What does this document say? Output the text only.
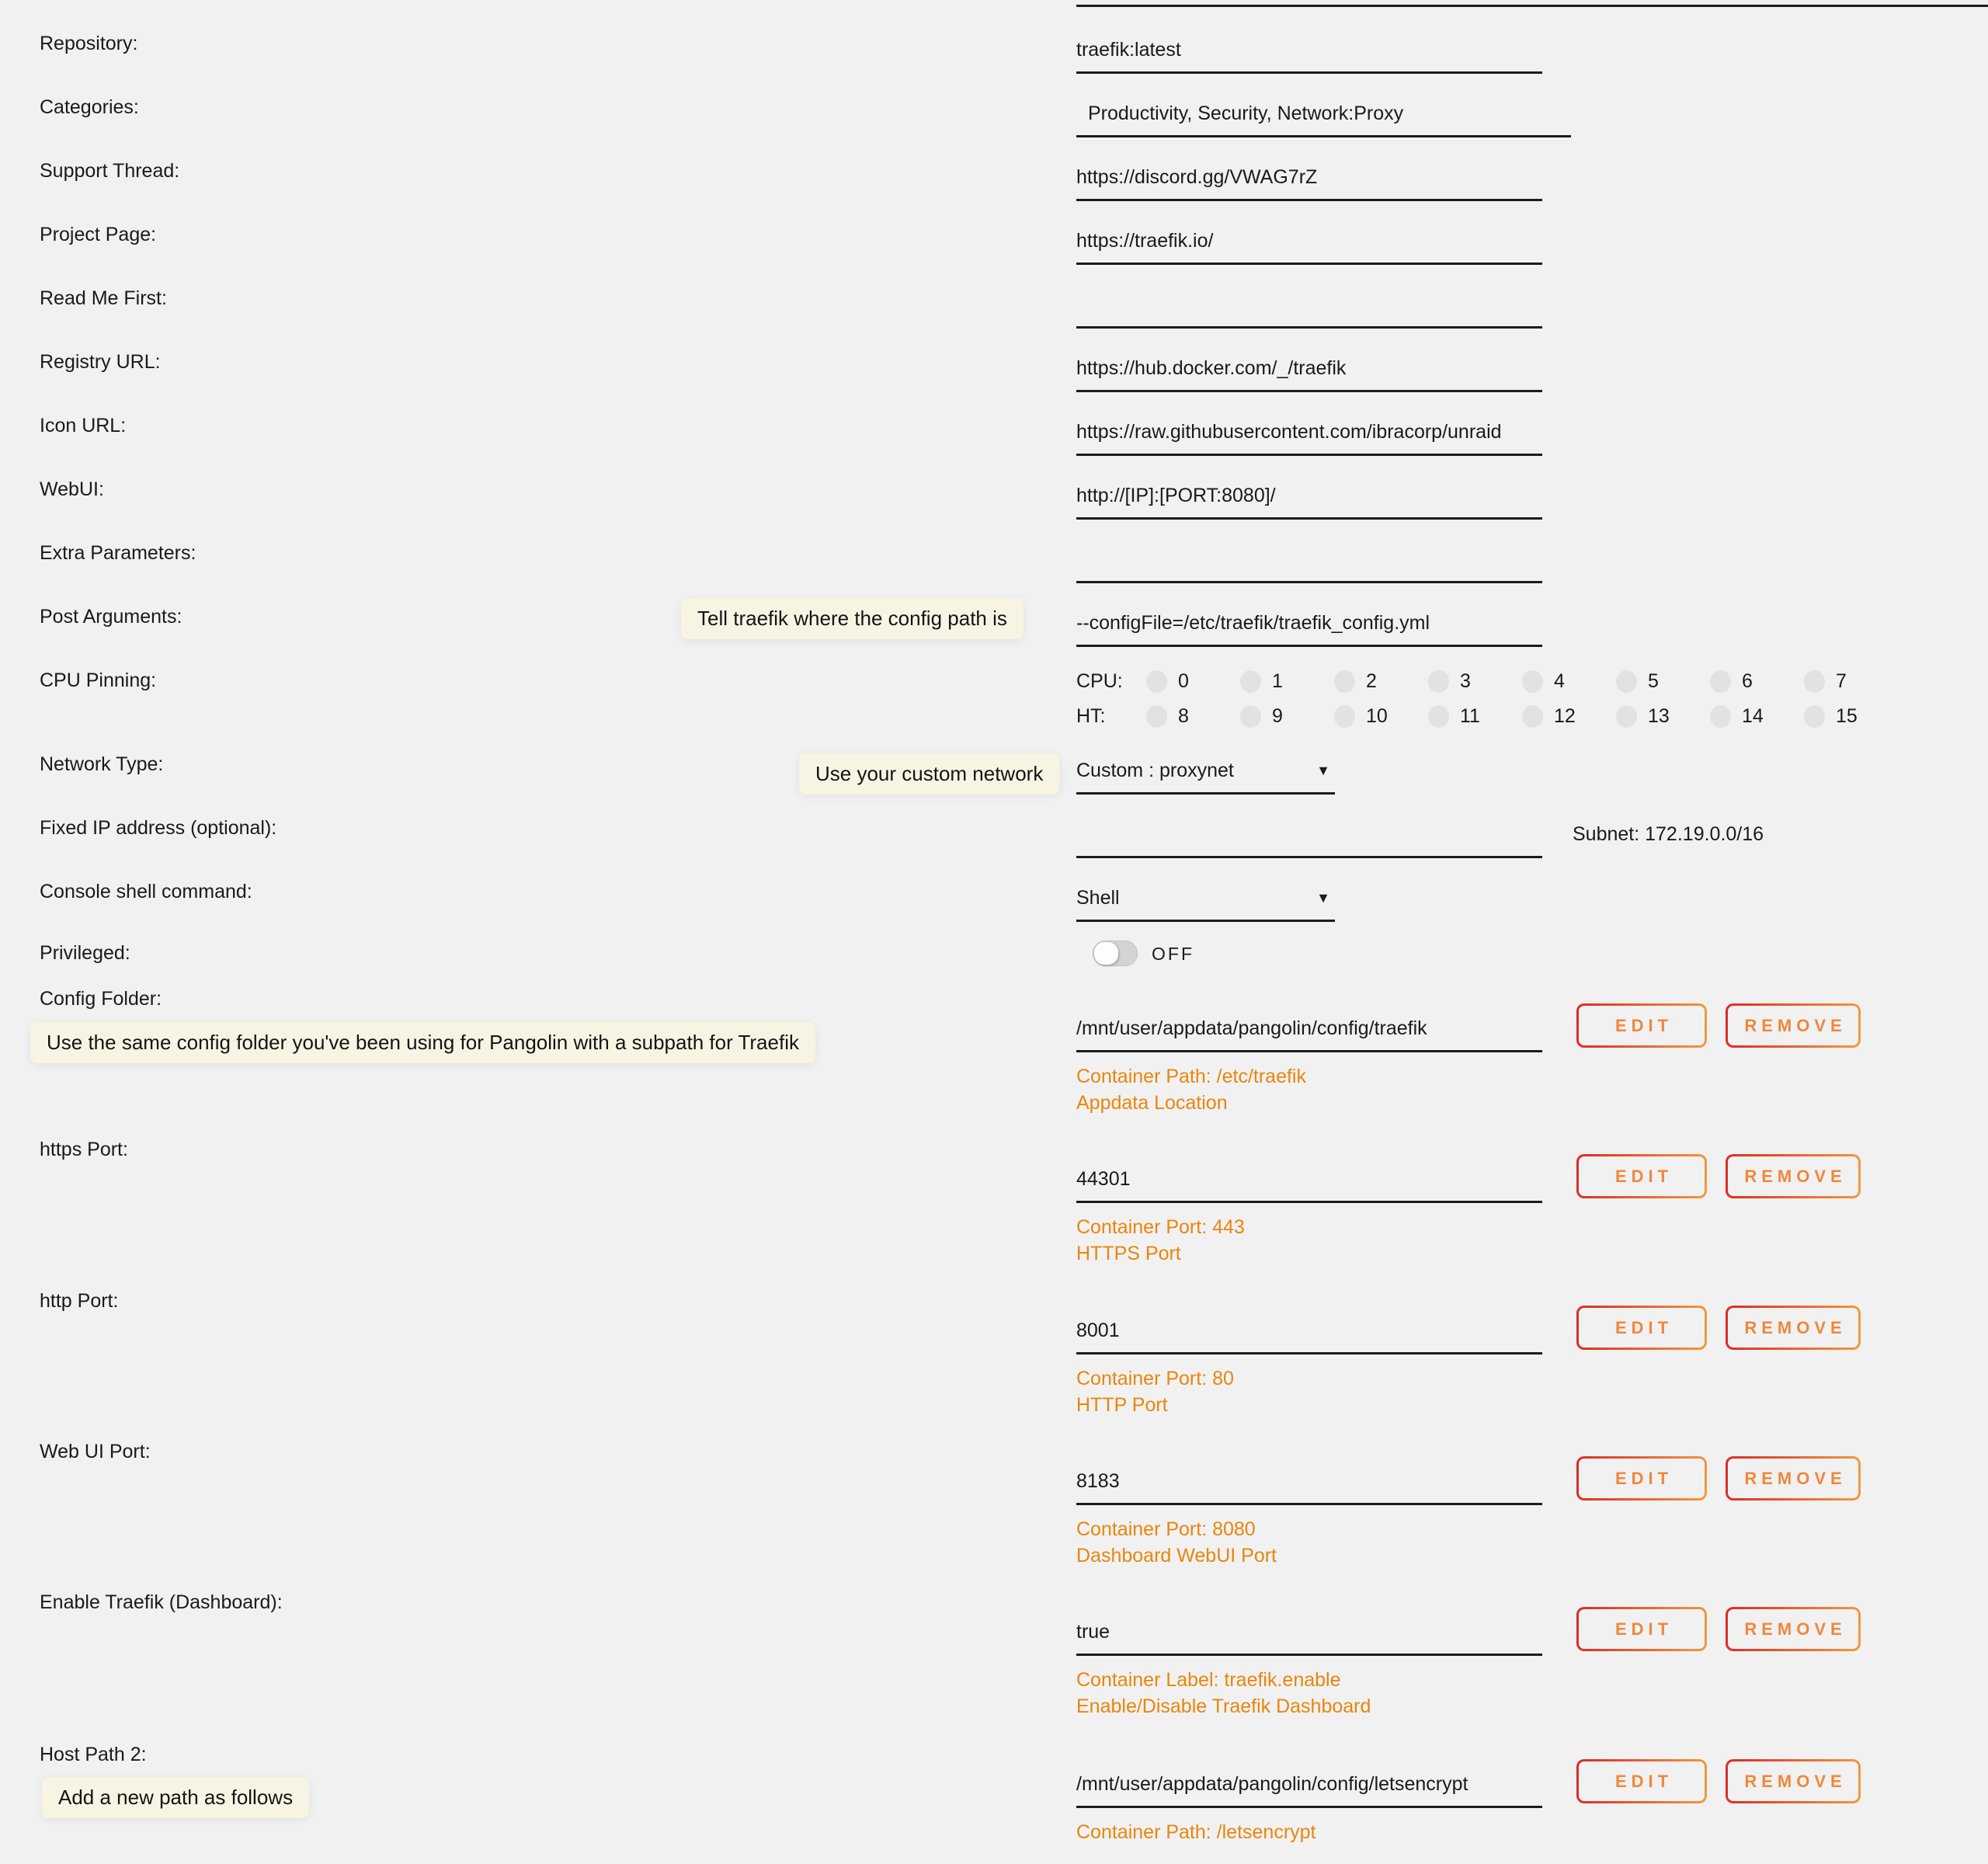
Repository:	traefik:latest
Categories:	Productivity, Security, Network:Proxy
Support Thread:	https://discord.gg/VWAG7rZ
Project Page:	https://traefik.io/
Read Me First:
Registry URL:	https://hub.docker.com/_/traefik
Icon URL:	https://raw.githubusercontent.com/ibracorp/unraid
WebUI:	http://[IP]:[PORT:8080]/
Extra Parameters:
Post Arguments:	Tell traefik where the config path is	--configFile=/etc/traefik/traefik_config.yml
CPU Pinning:	CPU:	0	1	2	3	4	5	6	7
HT:	8	9	10	11	12	13	14	15
Network Type:	Use your custom network	Custom : proxynet	▼
Fixed IP address (optional):	Subnet: 172.19.0.0/16
Console shell command:	Shell	▼
Privileged:	OFF
Config Folder:
Use the same config folder you've been using for Pangolin with a subpath for Traefik
/mnt/user/appdata/pangolin/config/traefik	EDIT	REMOVE
Container Path: /etc/traefik
Appdata Location
https Port:
44301	EDIT	REMOVE
Container Port: 443
HTTPS Port
http Port:
8001	EDIT	REMOVE
Container Port: 80
HTTP Port
Web UI Port:
8183	EDIT	REMOVE
Container Port: 8080
Dashboard WebUI Port
Enable Traefik (Dashboard):
true	EDIT	REMOVE
Container Label: traefik.enable
Enable/Disable Traefik Dashboard
Host Path 2:
Add a new path as follows
/mnt/user/appdata/pangolin/config/letsencrypt	EDIT	REMOVE
Container Path: /letsencrypt
